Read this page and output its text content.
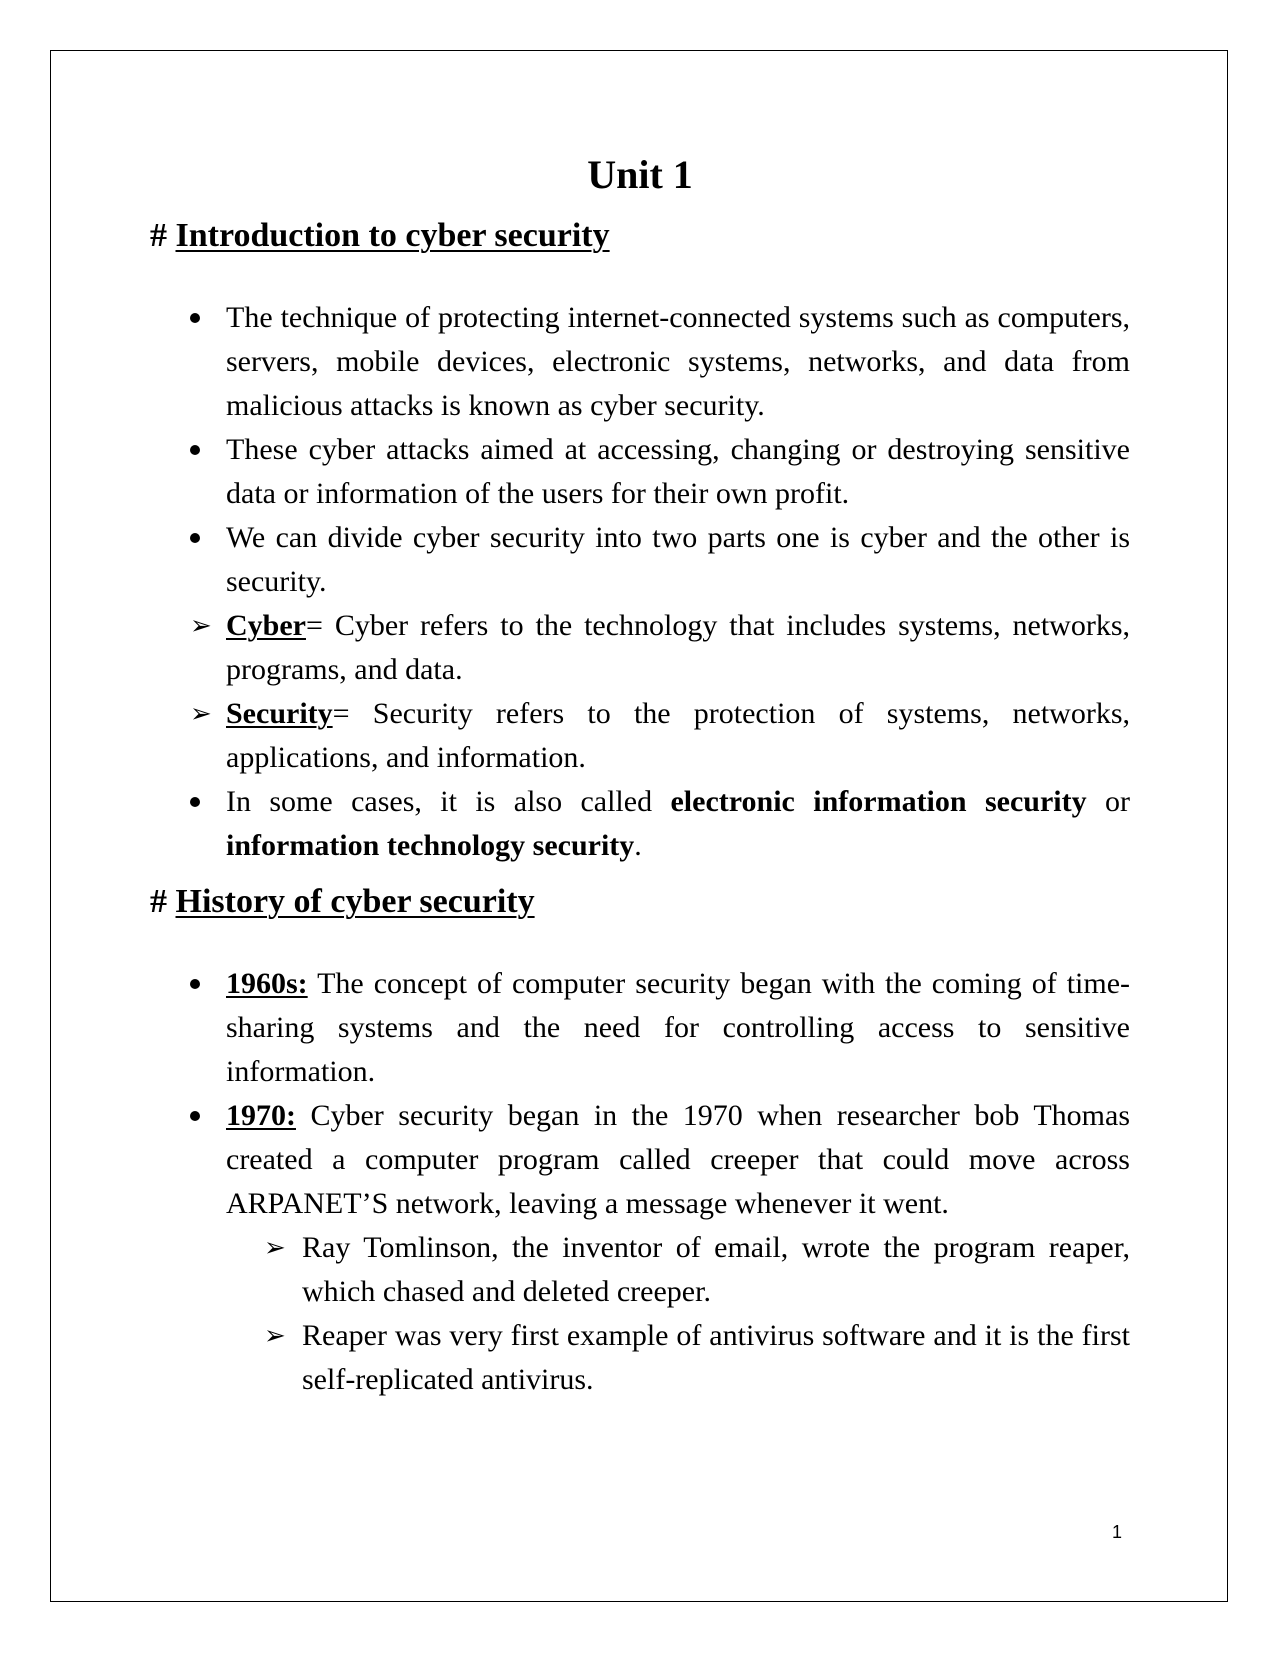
Unit 1
# Introduction to cyber security
The technique of protecting internet-connected systems such as computers, servers, mobile devices, electronic systems, networks, and data from malicious attacks is known as cyber security.
These cyber attacks aimed at accessing, changing or destroying sensitive data or information of the users for their own profit.
We can divide cyber security into two parts one is cyber and the other is security.
➢ Cyber= Cyber refers to the technology that includes systems, networks, programs, and data.
➢ Security= Security refers to the protection of systems, networks, applications, and information.
In some cases, it is also called electronic information security or information technology security.
# History of cyber security
1960s: The concept of computer security began with the coming of time-sharing systems and the need for controlling access to sensitive information.
1970: Cyber security began in the 1970 when researcher bob Thomas created a computer program called creeper that could move across ARPANET’S network, leaving a message whenever it went.
➢ Ray Tomlinson, the inventor of email, wrote the program reaper, which chased and deleted creeper.
➢ Reaper was very first example of antivirus software and it is the first self-replicated antivirus.
1
